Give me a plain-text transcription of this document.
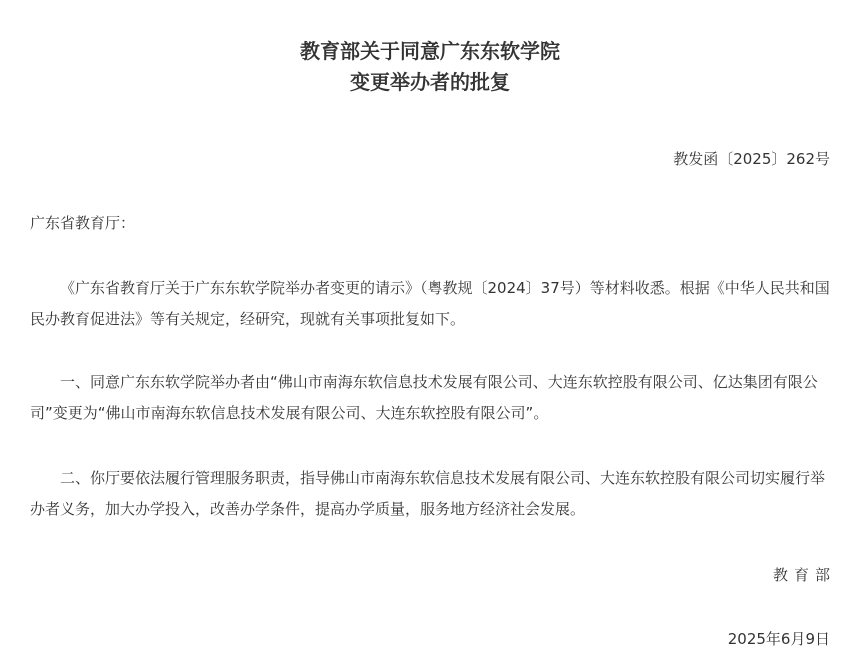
教育部关于同意广东东软学院
变更举办者的批复
教发函〔2025〕262号
广东省教育厅：

《广东省教育厅关于广东东软学院举办者变更的请示》（粤教规〔2024〕37号）等材料收悉。根据《中华人民共和国民办教育促进法》等有关规定，经研究，现就有关事项批复如下。

一、同意广东东软学院举办者由“佛山市南海东软信息技术发展有限公司、大连东软控股有限公司、亿达集团有限公司”变更为“佛山市南海东软信息技术发展有限公司、大连东软控股有限公司”。

二、你厅要依法履行管理服务职责，指导佛山市南海东软信息技术发展有限公司、大连东软控股有限公司切实履行举办者义务，加大办学投入，改善办学条件，提高办学质量，服务地方经济社会发展。

教育部
2025年6月9日
